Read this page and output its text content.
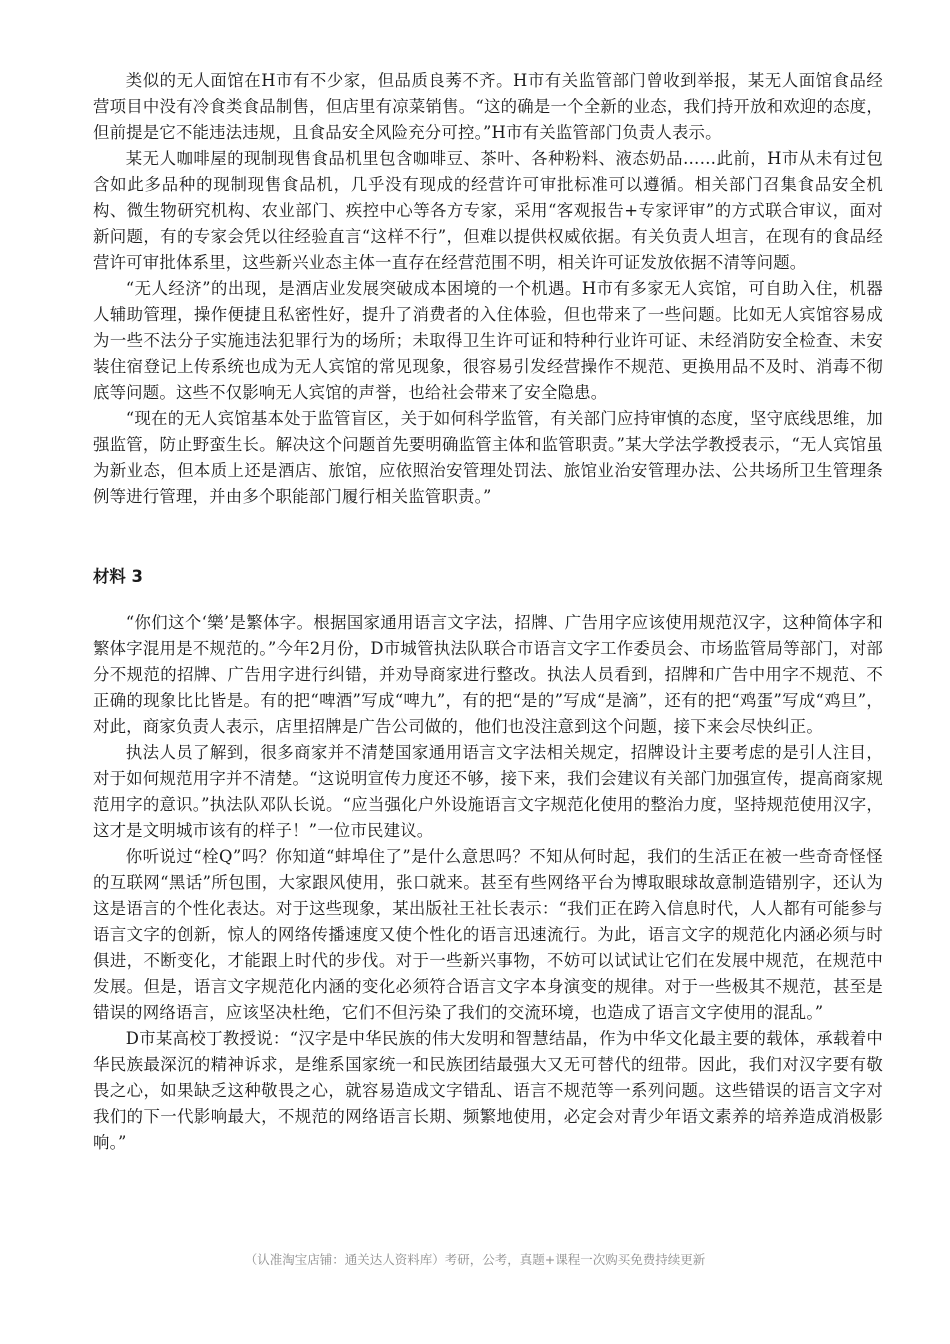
类似的无人面馆在H市有不少家，但品质良莠不齐。H市有关监管部门曾收到举报，某无人面馆食品经营项目中没有冷食类食品制售，但店里有凉菜销售。“这的确是一个全新的业态，我们持开放和欢迎的态度，但前提是它不能违法违规，且食品安全风险充分可控。”H市有关监管部门负责人表示。

某无人咖啡屋的现制现售食品机里包含咖啡豆、茶叶、各种粉料、液态奶品……此前，H市从未有过包含如此多品种的现制现售食品机，几乎没有现成的经营许可审批标准可以遵循。相关部门召集食品安全机构、微生物研究机构、农业部门、疾控中心等各方专家，采用“客观报告+专家评审”的方式联合审议，面对新问题，有的专家会凭以往经验直言“这样不行”，但难以提供权威依据。有关负责人坦言，在现有的食品经营许可审批体系里，这些新兴业态主体一直存在经营范围不明，相关许可证发放依据不清等问题。

“无人经济”的出现，是酒店业发展突破成本困境的一个机遇。H市有多家无人宾馆，可自助入住，机器人辅助管理，操作便捷且私密性好，提升了消费者的入住体验，但也带来了一些问题。比如无人宾馆容易成为一些不法分子实施违法犯罪行为的场所；未取得卫生许可证和特种行业许可证、未经消防安全检查、未安装住宿登记上传系统也成为无人宾馆的常见现象，很容易引发经营操作不规范、更换用品不及时、消毒不彻底等问题。这些不仅影响无人宾馆的声誉，也给社会带来了安全隐患。

“现在的无人宾馆基本处于监管盲区，关于如何科学监管，有关部门应持审慎的态度，坚守底线思维，加强监管，防止野蛮生长。解决这个问题首先要明确监管主体和监管职责。”某大学法学教授表示，“无人宾馆虽为新业态，但本质上还是酒店、旅馆，应依照治安管理处罚法、旅馆业治安管理办法、公共场所卫生管理条例等进行管理，并由多个职能部门履行相关监管职责。”

材料 3

“你们这个‘樂’是繁体字。根据国家通用语言文字法，招牌、广告用字应该使用规范汉字，这种简体字和繁体字混用是不规范的。”今年2月份，D市城管执法队联合市语言文字工作委员会、市场监管局等部门，对部分不规范的招牌、广告用字进行纠错，并劝导商家进行整改。执法人员看到，招牌和广告中用字不规范、不正确的现象比比皆是。有的把“啤酒”写成“啤九”，有的把“是的”写成“是滴”，还有的把“鸡蛋”写成“鸡旦”，对此，商家负责人表示，店里招牌是广告公司做的，他们也没注意到这个问题，接下来会尽快纠正。

执法人员了解到，很多商家并不清楚国家通用语言文字法相关规定，招牌设计主要考虑的是引人注目，对于如何规范用字并不清楚。“这说明宣传力度还不够，接下来，我们会建议有关部门加强宣传，提高商家规范用字的意识。”执法队邓队长说。“应当强化户外设施语言文字规范化使用的整治力度，坚持规范使用汉字，这才是文明城市该有的样子！”一位市民建议。

你听说过“栓Q”吗？你知道“蚌埠住了”是什么意思吗？不知从何时起，我们的生活正在被一些奇奇怪怪的互联网“黑话”所包围，大家跟风使用，张口就来。甚至有些网络平台为博取眼球故意制造错别字，还认为这是语言的个性化表达。对于这些现象，某出版社王社长表示：“我们正在跨入信息时代，人人都有可能参与语言文字的创新，惊人的网络传播速度又使个性化的语言迅速流行。为此，语言文字的规范化内涵必须与时俱进，不断变化，才能跟上时代的步伐。对于一些新兴事物，不妨可以试试让它们在发展中规范，在规范中发展。但是，语言文字规范化内涵的变化必须符合语言文字本身演变的规律。对于一些极其不规范，甚至是错误的网络语言，应该坚决杜绝，它们不但污染了我们的交流环境，也造成了语言文字使用的混乱。”

D市某高校丁教授说：“汉字是中华民族的伟大发明和智慧结晶，作为中华文化最主要的载体，承载着中华民族最深沉的精神诉求，是维系国家统一和民族团结最强大又无可替代的纽带。因此，我们对汉字要有敬畏之心，如果缺乏这种敬畏之心，就容易造成文字错乱、语言不规范等一系列问题。这些错误的语言文字对我们的下一代影响最大，不规范的网络语言长期、频繁地使用，必定会对青少年语文素养的培养造成消极影响。”

（认准淘宝店铺：通关达人资料库）考研，公考，真题+课程一次购买免费持续更新
